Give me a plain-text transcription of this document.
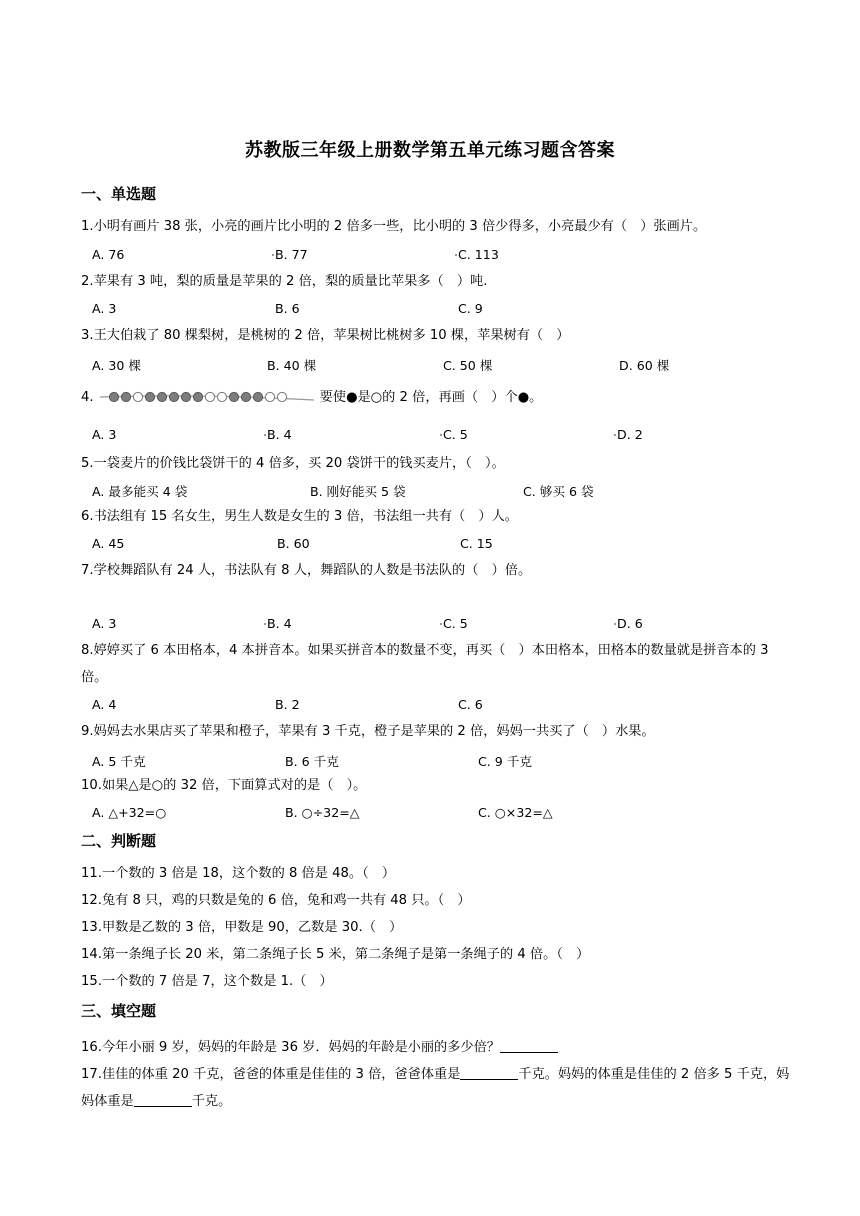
苏教版三年级上册数学第五单元练习题含答案
一、单选题
1.小明有画片 38 张，小亮的画片比小明的 2 倍多一些，比小明的 3 倍少得多，小亮最少有（　）张画片。
A. 76	B. 77	C. 113
2.苹果有 3 吨，梨的质量是苹果的 2 倍，梨的质量比苹果多（　）吨.
A. 3	B. 6	C. 9
3.王大伯栽了 80 棵梨树，是桃树的 2 倍，苹果树比桃树多 10 棵，苹果树有（　）
A. 30 棵	B. 40 棵	C. 50 棵	D. 60 棵
4.	要使●是○的 2 倍，再画（　）个●。
A. 3	B. 4	C. 5	D. 2
5.一袋麦片的价钱比袋饼干的 4 倍多，买 20 袋饼干的钱买麦片，（　）。
A. 最多能买 4 袋	B. 刚好能买 5 袋	C. 够买 6 袋
6.书法组有 15 名女生，男生人数是女生的 3 倍，书法组一共有（　）人。
A. 45	B. 60	C. 15
7.学校舞蹈队有 24 人，书法队有 8 人，舞蹈队的人数是书法队的（　）倍。
A. 3	B. 4	C. 5	D. 6
8.婷婷买了 6 本田格本，4 本拼音本。如果买拼音本的数量不变，再买（　）本田格本，田格本的数量就是拼音本的 3 倍。
A. 4	B. 2	C. 6
9.妈妈去水果店买了苹果和橙子，苹果有 3 千克，橙子是苹果的 2 倍，妈妈一共买了（　）水果。
A. 5 千克	B. 6 千克	C. 9 千克
10.如果△是○的 32 倍，下面算式对的是（　）。
A. △+32=○	B. ○÷32=△	C. ○×32=△
二、判断题
11.一个数的 3 倍是 18，这个数的 8 倍是 48。（　）
12.兔有 8 只，鸡的只数是兔的 6 倍，兔和鸡一共有 48 只。（　）
13.甲数是乙数的 3 倍，甲数是 90，乙数是 30.（　）
14.第一条绳子长 20 米，第二条绳子长 5 米，第二条绳子是第一条绳子的 4 倍。（　）
15.一个数的 7 倍是 7，这个数是 1.（　）
三、填空题
16.今年小丽 9 岁，妈妈的年龄是 36 岁．妈妈的年龄是小丽的多少倍？
17.佳佳的体重 20 千克，爸爸的体重是佳佳的 3 倍，爸爸体重是	千克。妈妈的体重是佳佳的 2 倍多 5 千克，妈妈体重是	千克。
